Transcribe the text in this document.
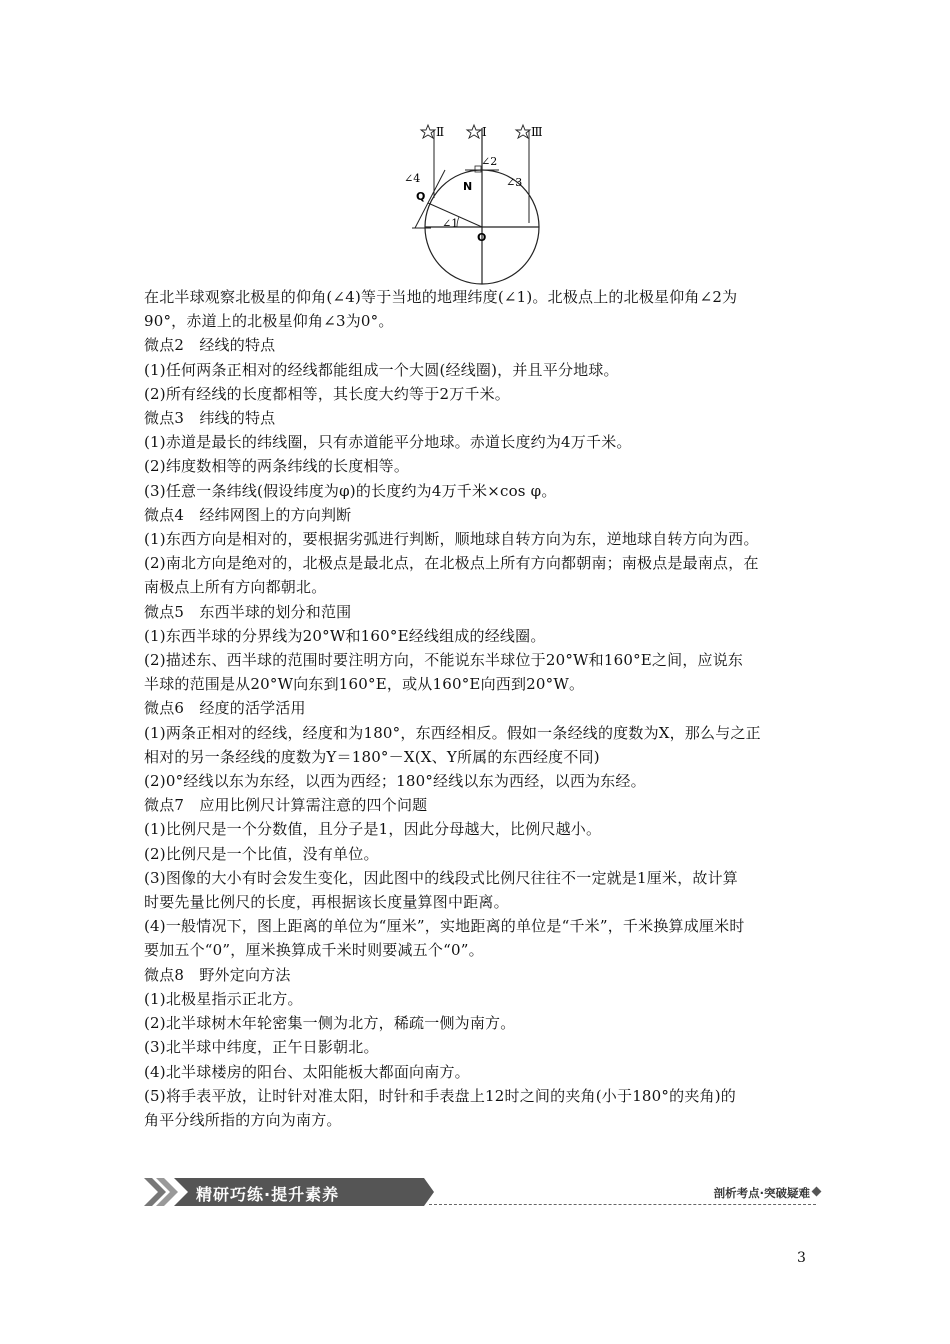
Ⅱ	Ⅰ	Ⅲ
∠2
∠3
∠4
∠1
N
Q
O
在北半球观察北极星的仰角(∠4)等于当地的地理纬度(∠1)。北极点上的北极星仰角∠2为
90°，赤道上的北极星仰角∠3为0°。
微点2　经线的特点
(1)任何两条正相对的经线都能组成一个大圆(经线圈)，并且平分地球。
(2)所有经线的长度都相等，其长度大约等于2万千米。
微点3　纬线的特点
(1)赤道是最长的纬线圈，只有赤道能平分地球。赤道长度约为4万千米。
(2)纬度数相等的两条纬线的长度相等。
(3)任意一条纬线(假设纬度为φ)的长度约为4万千米×cos φ。
微点4　经纬网图上的方向判断
(1)东西方向是相对的，要根据劣弧进行判断，顺地球自转方向为东，逆地球自转方向为西。
(2)南北方向是绝对的，北极点是最北点，在北极点上所有方向都朝南；南极点是最南点，在
南极点上所有方向都朝北。
微点5　东西半球的划分和范围
(1)东西半球的分界线为20°W和160°E经线组成的经线圈。
(2)描述东、西半球的范围时要注明方向，不能说东半球位于20°W和160°E之间，应说东
半球的范围是从20°W向东到160°E，或从160°E向西到20°W。
微点6　经度的活学活用
(1)两条正相对的经线，经度和为180°，东西经相反。假如一条经线的度数为X，那么与之正
相对的另一条经线的度数为Y＝180°－X(X、Y所属的东西经度不同)
(2)0°经线以东为东经，以西为西经；180°经线以东为西经，以西为东经。
微点7　应用比例尺计算需注意的四个问题
(1)比例尺是一个分数值，且分子是1，因此分母越大，比例尺越小。
(2)比例尺是一个比值，没有单位。
(3)图像的大小有时会发生变化，因此图中的线段式比例尺往往不一定就是1厘米，故计算
时要先量比例尺的长度，再根据该长度量算图中距离。
(4)一般情况下，图上距离的单位为“厘米”，实地距离的单位是“千米”，千米换算成厘米时
要加五个“0”，厘米换算成千米时则要减五个“0”。
微点8　野外定向方法
(1)北极星指示正北方。
(2)北半球树木年轮密集一侧为北方，稀疏一侧为南方。
(3)北半球中纬度，正午日影朝北。
(4)北半球楼房的阳台、太阳能板大都面向南方。
(5)将手表平放，让时针对准太阳，时针和手表盘上12时之间的夹角(小于180°的夹角)的
角平分线所指的方向为南方。
精研巧练·提升素养	剖析考点·突破疑难
3
